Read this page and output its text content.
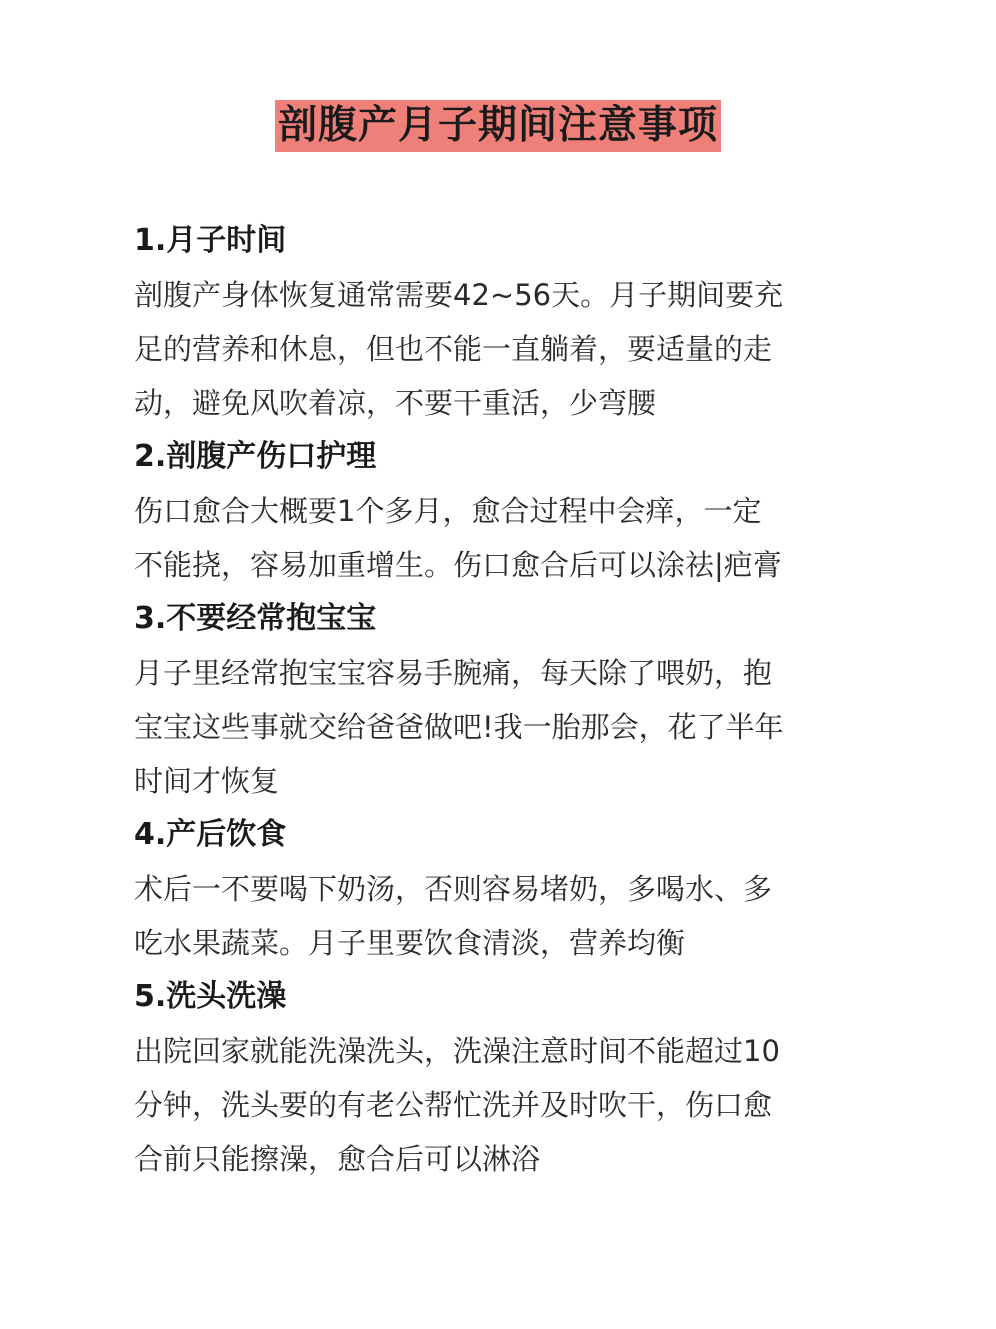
剖腹产月子期间注意事项

1.月子时间

剖腹产身体恢复通常需要42~56天。月子期间要充

足的营养和休息，但也不能一直躺着，要适量的走

动，避免风吹着凉，不要干重活，少弯腰

2.剖腹产伤口护理

伤口愈合大概要1个多月，愈合过程中会痒，一定

不能挠，容易加重增生。伤口愈合后可以涂祛|疤膏

3.不要经常抱宝宝

月子里经常抱宝宝容易手腕痛，每天除了喂奶，抱

宝宝这些事就交给爸爸做吧!我一胎那会，花了半年

时间才恢复

4.产后饮食

术后一不要喝下奶汤，否则容易堵奶，多喝水、多

吃水果蔬菜。月子里要饮食清淡，营养均衡

5.洗头洗澡

出院回家就能洗澡洗头，洗澡注意时间不能超过10

分钟，洗头要的有老公帮忙洗并及时吹干，伤口愈

合前只能擦澡，愈合后可以淋浴
